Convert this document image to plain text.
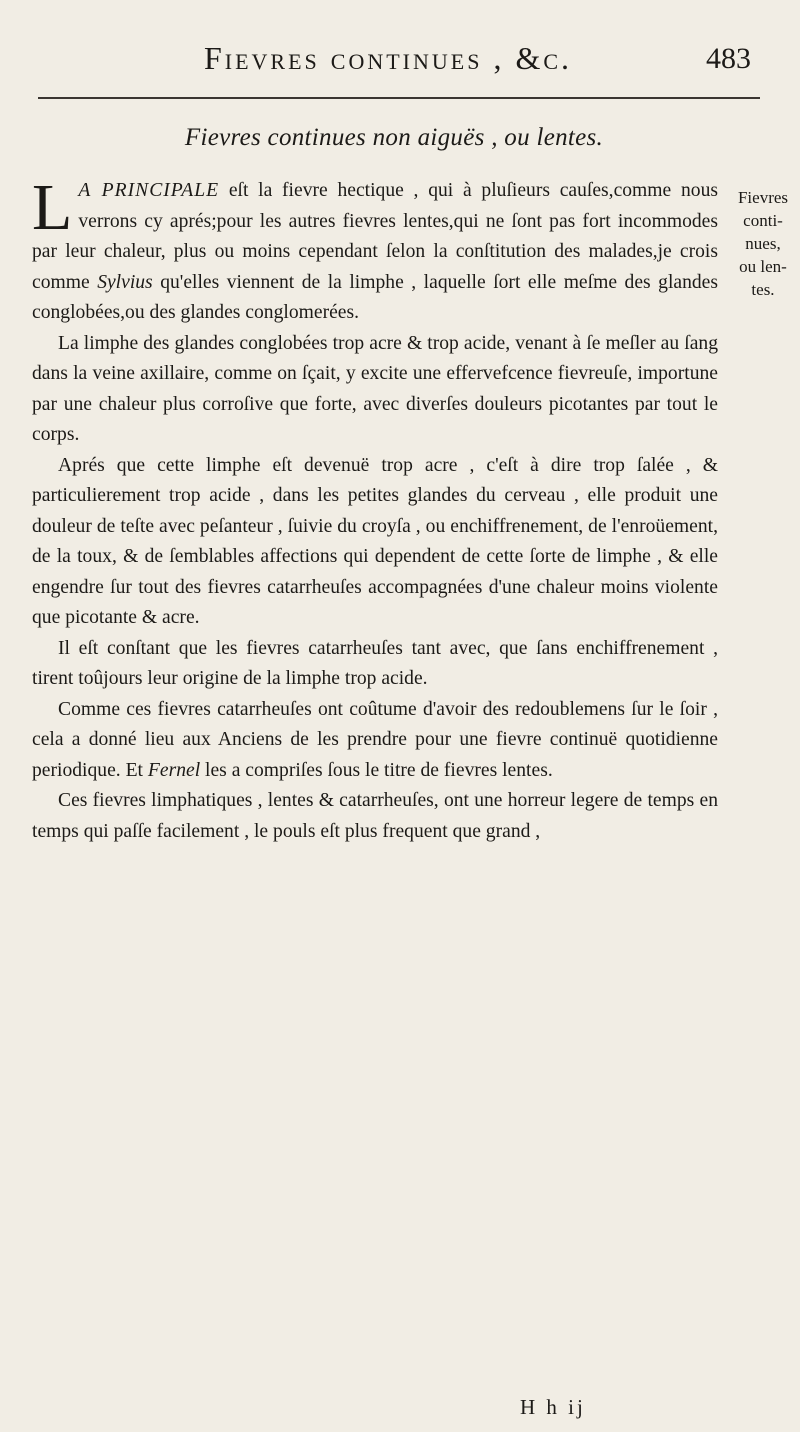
Fievres continues , &c.	483
Fievres continues non aiguës , ou lentes.
Fievres
conti-
nues,
ou len-
tes.

L A PRINCIPALE eſt la fievre hectique , qui à pluſieurs cauſes,comme nous verrons cy aprés;pour les autres fievres lentes,qui ne ſont pas fort incommodes par leur chaleur, plus ou moins cependant ſelon la conſtitution des malades,je crois comme Sylvius qu'elles viennent de la limphe , laquelle ſort elle meſme des glandes conglobées,ou des glandes conglomerées.

La limphe des glandes conglobées trop acre & trop acide, venant à ſe meſler au ſang dans la veine axillaire, comme on ſçait, y excite une effervefcence fievreuſe, importune par une chaleur plus corroſive que forte, avec diverſes douleurs picotantes par tout le corps.

Aprés que cette limphe eſt devenuë trop acre , c'eſt à dire trop ſalée , & particulierement trop acide , dans les petites glandes du cerveau , elle produit une douleur de teſte avec peſanteur , ſuivie du croyſa , ou enchiffrenement, de l'enroüement, de la toux, & de ſemblables affections qui dependent de cette ſorte de limphe , & elle engendre ſur tout des fievres catarrheuſes accompagnées d'une chaleur moins violente que picotante & acre.

Il eſt conſtant que les fievres catarrheuſes tant avec, que ſans enchiffrenement , tirent toûjours leur origine de la limphe trop acide.

Comme ces fievres catarrheuſes ont coûtume d'avoir des redoublemens ſur le ſoir , cela a donné lieu aux Anciens de les prendre pour une fievre continuë quotidienne periodique. Et Fernel les a compriſes ſous le titre de fievres lentes.

Ces fievres limphatiques , lentes & catarrheuſes, ont une horreur legere de temps en temps qui paſſe facilement , le pouls eſt plus frequent que grand ,

H h ij
